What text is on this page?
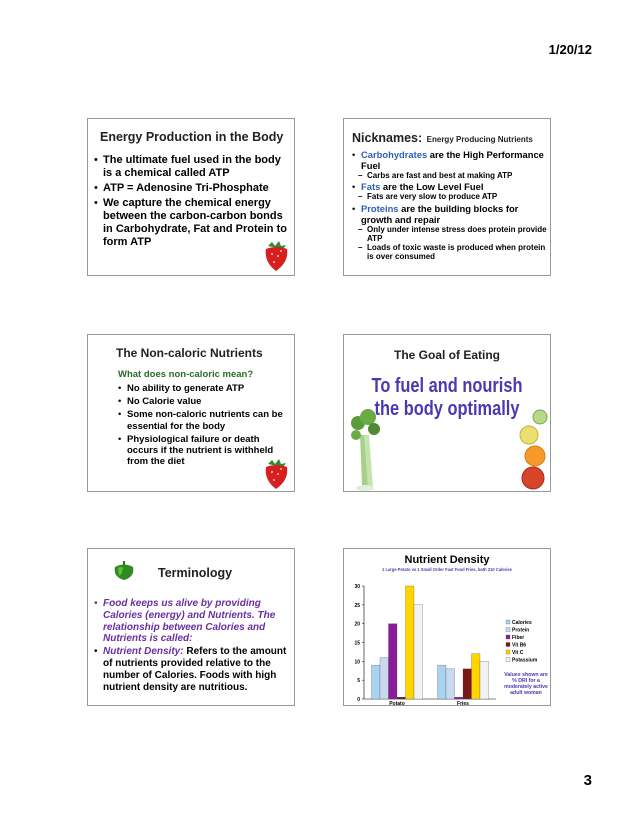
1/20/12
Energy Production in the Body
• The ultimate fuel used in the body is a chemical called ATP
• ATP = Adenosine Tri-Phosphate
• We capture the chemical energy between the carbon-carbon bonds in Carbohydrate, Fat and Protein to form ATP
Nicknames: Energy Producing Nutrients
• Carbohydrates are the High Performance Fuel
– Carbs are fast and best at making ATP
• Fats are the Low Level Fuel
– Fats are very slow to produce ATP
• Proteins are the building blocks for growth and repair
– Only under intense stress does protein provide ATP
– Loads of toxic waste is produced when protein is over consumed
The Non-caloric Nutrients
What does non-caloric mean?
• No ability to generate ATP
• No Calorie value
• Some non-caloric nutrients can be essential for the body
• Physiological failure or death occurs if the nutrient is withheld from the diet
The Goal of Eating
To fuel and nourish
the body optimally
Terminology
• Food keeps us alive by providing Calories (energy) and Nutrients. The relationship between Calories and Nutrients is called:
• Nutrient Density: Refers to the amount of nutrients provided relative to the number of Calories. Foods with high nutrient density are nutritious.
Nutrient Density
1 Large Potato vs 1 Small Order Fast Food Fries, both 210 Calories
0
5
10
15
20
25
30
Potato	Fries
Calories
Protein
Fiber
Vit B6
Vit C
Potassium
Values shown are % DRI for a moderately active adult woman
3
